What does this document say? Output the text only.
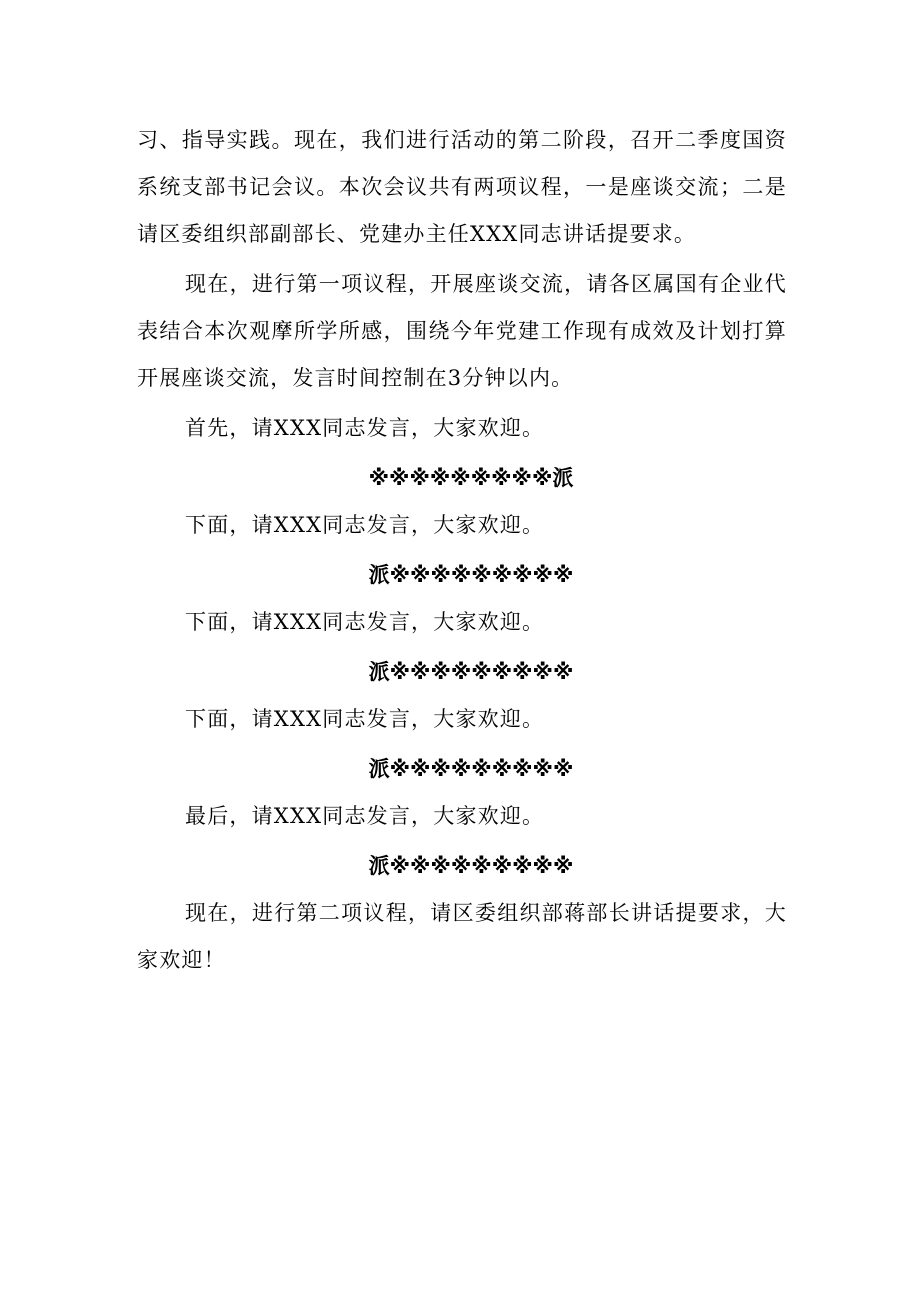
习、指导实践。现在，我们进行活动的第二阶段，召开二季度国资系统支部书记会议。本次会议共有两项议程，一是座谈交流；二是请区委组织部副部长、党建办主任XXX同志讲话提要求。

现在，进行第一项议程，开展座谈交流，请各区属国有企业代表结合本次观摩所学所感，围绕今年党建工作现有成效及计划打算开展座谈交流，发言时间控制在3分钟以内。

首先，请XXX同志发言，大家欢迎。

※※※※※※※※※派

下面，请XXX同志发言，大家欢迎。

派※※※※※※※※※

下面，请XXX同志发言，大家欢迎。

派※※※※※※※※※

下面，请XXX同志发言，大家欢迎。

派※※※※※※※※※

最后，请XXX同志发言，大家欢迎。

派※※※※※※※※※

现在，进行第二项议程，请区委组织部蒋部长讲话提要求，大家欢迎！
